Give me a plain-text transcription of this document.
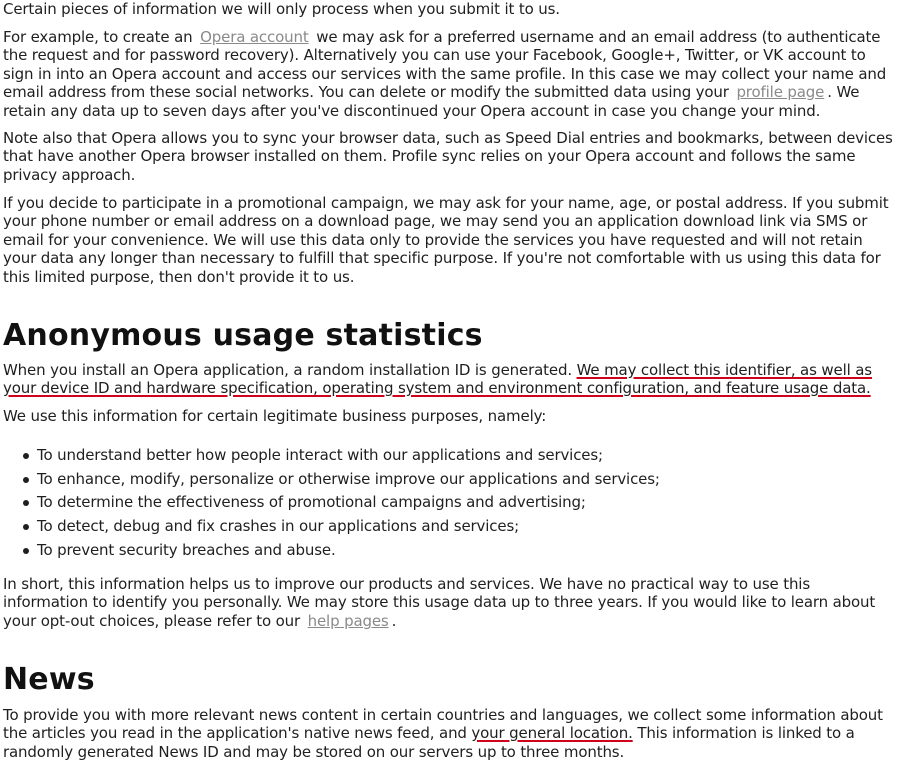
Certain pieces of information we will only process when you submit it to us.

For example, to create an Opera account we may ask for a preferred username and an email address (to authenticate the request and for password recovery). Alternatively you can use your Facebook, Google+, Twitter, or VK account to sign in into an Opera account and access our services with the same profile. In this case we may collect your name and email address from these social networks. You can delete or modify the submitted data using your profile page . We retain any data up to seven days after you've discontinued your Opera account in case you change your mind.

Note also that Opera allows you to sync your browser data, such as Speed Dial entries and bookmarks, between devices that have another Opera browser installed on them. Profile sync relies on your Opera account and follows the same privacy approach.

If you decide to participate in a promotional campaign, we may ask for your name, age, or postal address. If you submit your phone number or email address on a download page, we may send you an application download link via SMS or email for your convenience. We will use this data only to provide the services you have requested and will not retain your data any longer than necessary to fulfill that specific purpose. If you're not comfortable with us using this data for this limited purpose, then don't provide it to us.

Anonymous usage statistics

When you install an Opera application, a random installation ID is generated. We may collect this identifier, as well as your device ID and hardware specification, operating system and environment configuration, and feature usage data.

We use this information for certain legitimate business purposes, namely:

To understand better how people interact with our applications and services;
To enhance, modify, personalize or otherwise improve our applications and services;
To determine the effectiveness of promotional campaigns and advertising;
To detect, debug and fix crashes in our applications and services;
To prevent security breaches and abuse.

In short, this information helps us to improve our products and services. We have no practical way to use this information to identify you personally. We may store this usage data up to three years. If you would like to learn about your opt-out choices, please refer to our help pages .

News

To provide you with more relevant news content in certain countries and languages, we collect some information about the articles you read in the application's native news feed, and your general location. This information is linked to a randomly generated News ID and may be stored on our servers up to three months.
